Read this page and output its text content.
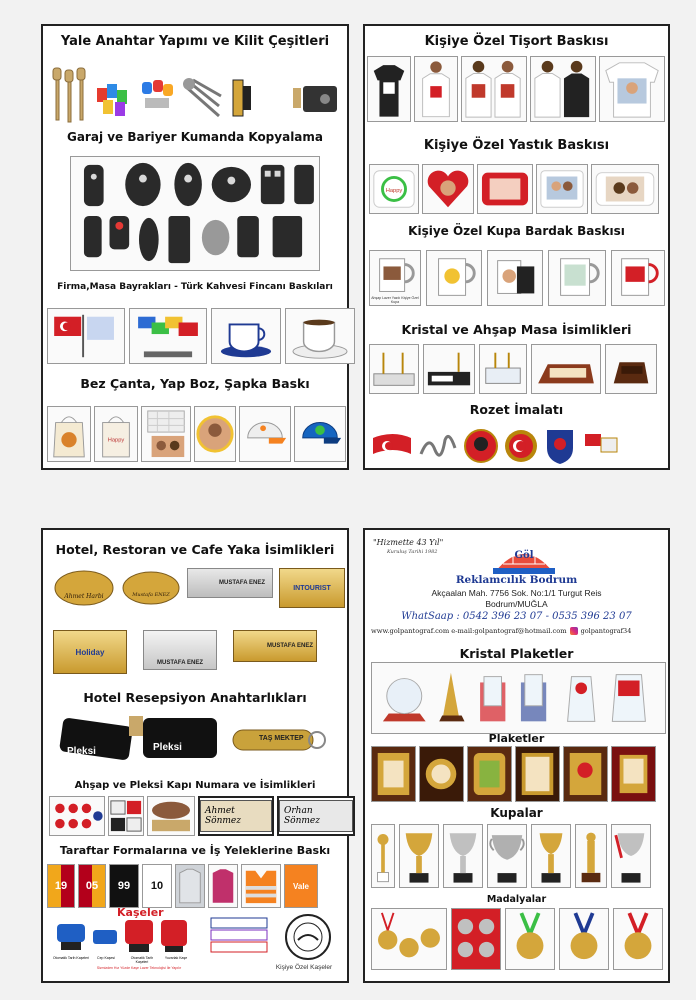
Yale Anahtar Yapımı ve Kilit Çeşitleri
Garaj ve Bariyer Kumanda Kopyalama
Firma,Masa Bayrakları - Türk Kahvesi Fincanı Baskıları
Bez Çanta, Yap Boz, Şapka Baskı
Happy
Kişiye Özel Tişort Baskısı
Kişiye Özel Yastık Baskısı
Happy
Kişiye Özel Kupa Bardak Baskısı
Ahşap Lazer Yazılı Kişiye Özel Kupa
Kristal ve Ahşap Masa İsimlikleri
Rozet İmalatı
Hotel, Restoran ve Cafe Yaka İsimlikleri
Ahmet Harbi	Mustafa ENEZ
MUSTAFA ENEZ
INTOURIST
Holiday
MUSTAFA ENEZ
MUSTAFA ENEZ
Hotel Resepsiyon Anahtarlıkları
Pleksi	Pleksi
TAŞ MEKTEP
Ahşap ve Pleksi Kapı Numara ve İsimlikleri
Ahmet Sönmez
Orhan Sönmez
Taraftar Formalarına ve İş Yeleklerine Baskı
19 05 99 10	Vale
Kaşeler
Otomatik Tarih Kaşeleri	Cep Kaşesi	Otomatik Tarih Kaşeleri
Yuvarlak Kaşe
Sizmizden Hız Yüzde Kaşe Lazer Teknolojisi İle Yapılır	Kişiye Özel Kaşeler
"Hizmette 43 Yıl"
Kuruluş Tarihi 1982	Göl
Reklamcılık Bodrum
Akçaalan Mah. 7756 Sok. No:1/1 Turgut Reis
Bodrum/MUĞLA
WhatSaap : 0542 396 23 07 - 0535 396 23 07
www.golpantograf.com e-mail:golpantograf@hotmail.com golpantograf34
Kristal Plaketler
Plaketler
Kupalar
Madalyalar
